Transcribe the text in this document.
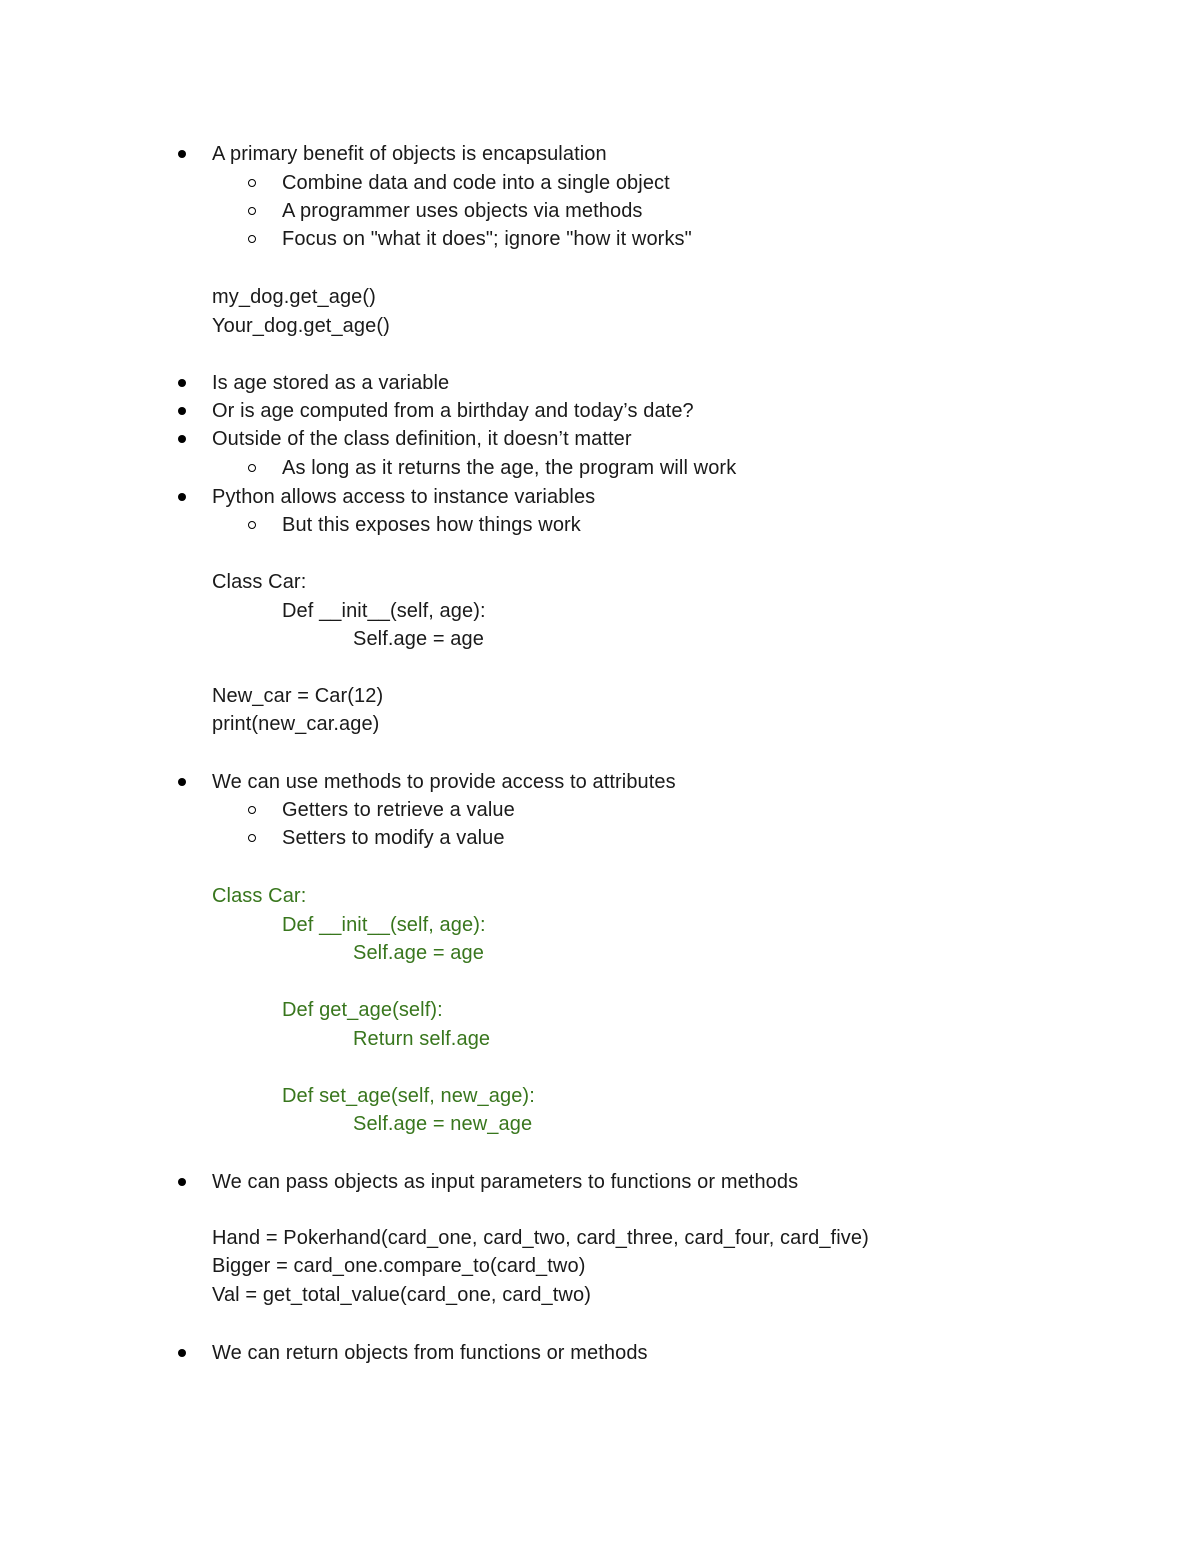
A primary benefit of objects is encapsulation
Combine data and code into a single object
A programmer uses objects via methods
Focus on "what it does"; ignore "how it works"
my_dog.get_age()
Your_dog.get_age()
Is age stored as a variable
Or is age computed from a birthday and today’s date?
Outside of the class definition, it doesn’t matter
As long as it returns the age, the program will work
Python allows access to instance variables
But this exposes how things work
Class Car:
Def __init__(self, age):
Self.age = age
New_car = Car(12)
print(new_car.age)
We can use methods to provide access to attributes
Getters to retrieve a value
Setters to modify a value
Class Car:
Def __init__(self, age):
Self.age = age
Def get_age(self):
Return self.age
Def set_age(self, new_age):
Self.age = new_age
We can pass objects as input parameters to functions or methods
Hand = Pokerhand(card_one, card_two, card_three, card_four, card_five)
Bigger = card_one.compare_to(card_two)
Val = get_total_value(card_one, card_two)
We can return objects from functions or methods
